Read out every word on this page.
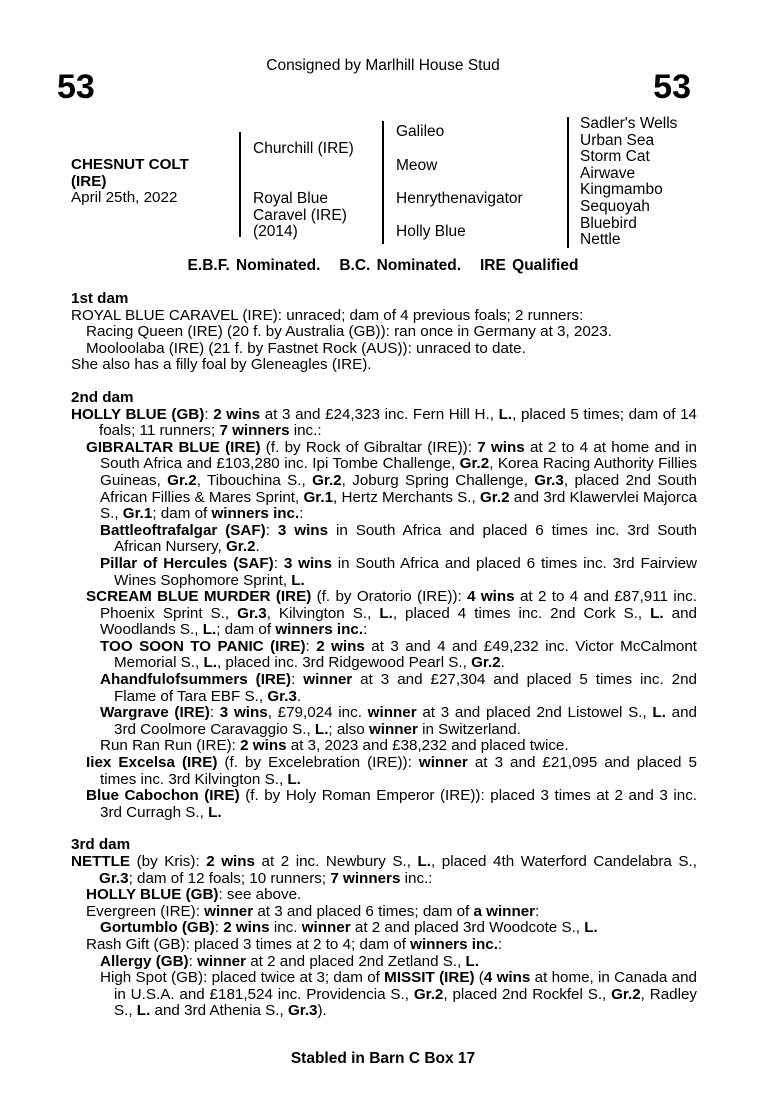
Consigned by Marlhill House Stud
53	53
CHESNUT COLT
(IRE)
April 25th, 2022
Churchill (IRE)
Royal Blue
Caravel (IRE)
(2014)
Galileo
Meow
Henrythenavigator
Holly Blue
Sadler's Wells
Urban Sea
Storm Cat
Airwave
Kingmambo
Sequoyah
Bluebird
Nettle
E.B.F. Nominated.   B.C. Nominated.   IRE Qualified
1st dam
ROYAL BLUE CARAVEL (IRE): unraced; dam of 4 previous foals; 2 runners:
Racing Queen (IRE) (20 f. by Australia (GB)): ran once in Germany at 3, 2023.
Mooloolaba (IRE) (21 f. by Fastnet Rock (AUS)): unraced to date.
She also has a filly foal by Gleneagles (IRE).
2nd dam
HOLLY BLUE (GB): 2 wins at 3 and £24,323 inc. Fern Hill H., L., placed 5 times; dam of 14 foals; 11 runners; 7 winners inc.:
GIBRALTAR BLUE (IRE) (f. by Rock of Gibraltar (IRE)): 7 wins at 2 to 4 at home and in South Africa and £103,280 inc. Ipi Tombe Challenge, Gr.2, Korea Racing Authority Fillies Guineas, Gr.2, Tibouchina S., Gr.2, Joburg Spring Challenge, Gr.3, placed 2nd South African Fillies & Mares Sprint, Gr.1, Hertz Merchants S., Gr.2 and 3rd Klawervlei Majorca S., Gr.1; dam of winners inc.:
Battleoftrafalgar (SAF): 3 wins in South Africa and placed 6 times inc. 3rd South African Nursery, Gr.2.
Pillar of Hercules (SAF): 3 wins in South Africa and placed 6 times inc. 3rd Fairview Wines Sophomore Sprint, L.
SCREAM BLUE MURDER (IRE) (f. by Oratorio (IRE)): 4 wins at 2 to 4 and £87,911 inc. Phoenix Sprint S., Gr.3, Kilvington S., L., placed 4 times inc. 2nd Cork S., L. and Woodlands S., L.; dam of winners inc.:
TOO SOON TO PANIC (IRE): 2 wins at 3 and 4 and £49,232 inc. Victor McCalmont Memorial S., L., placed inc. 3rd Ridgewood Pearl S., Gr.2.
Ahandfulofsummers (IRE): winner at 3 and £27,304 and placed 5 times inc. 2nd Flame of Tara EBF S., Gr.3.
Wargrave (IRE): 3 wins, £79,024 inc. winner at 3 and placed 2nd Listowel S., L. and 3rd Coolmore Caravaggio S., L.; also winner in Switzerland.
Run Ran Run (IRE): 2 wins at 3, 2023 and £38,232 and placed twice.
Iiex Excelsa (IRE) (f. by Excelebration (IRE)): winner at 3 and £21,095 and placed 5 times inc. 3rd Kilvington S., L.
Blue Cabochon (IRE) (f. by Holy Roman Emperor (IRE)): placed 3 times at 2 and 3 inc. 3rd Curragh S., L.
3rd dam
NETTLE (by Kris): 2 wins at 2 inc. Newbury S., L., placed 4th Waterford Candelabra S., Gr.3; dam of 12 foals; 10 runners; 7 winners inc.:
HOLLY BLUE (GB): see above.
Evergreen (IRE): winner at 3 and placed 6 times; dam of a winner:
Gortumblo (GB): 2 wins inc. winner at 2 and placed 3rd Woodcote S., L.
Rash Gift (GB): placed 3 times at 2 to 4; dam of winners inc.:
Allergy (GB): winner at 2 and placed 2nd Zetland S., L.
High Spot (GB): placed twice at 3; dam of MISSIT (IRE) (4 wins at home, in Canada and in U.S.A. and £181,524 inc. Providencia S., Gr.2, placed 2nd Rockfel S., Gr.2, Radley S., L. and 3rd Athenia S., Gr.3).
Stabled in Barn C Box 17
